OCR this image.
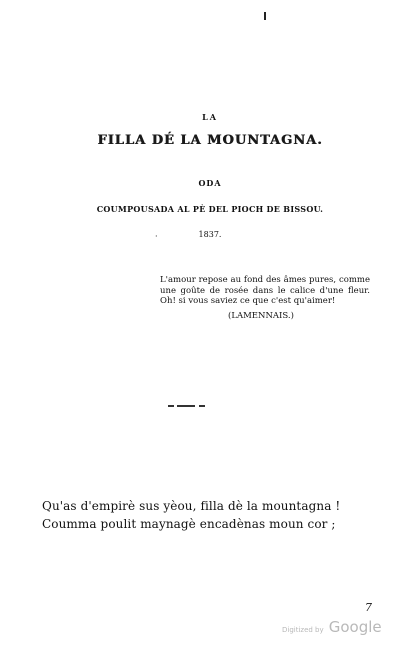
LA
FILLA DÉ LA MOUNTAGNA.
ODA
COUMPOUSADA AL PÈ DEL PIOCH DE BISSOU.
·	1837.
L'amour repose au fond des âmes pures, comme une goûte de rosée dans le calice d'une fleur. Oh! si vous saviez ce que c'est qu'aimer!
(LAMENNAIS.)
Qu'as d'empirè sus yèou, filla dè la mountagna !
Coumma poulit maynagè encadènas moun cor ;
7
Digitized by Google
